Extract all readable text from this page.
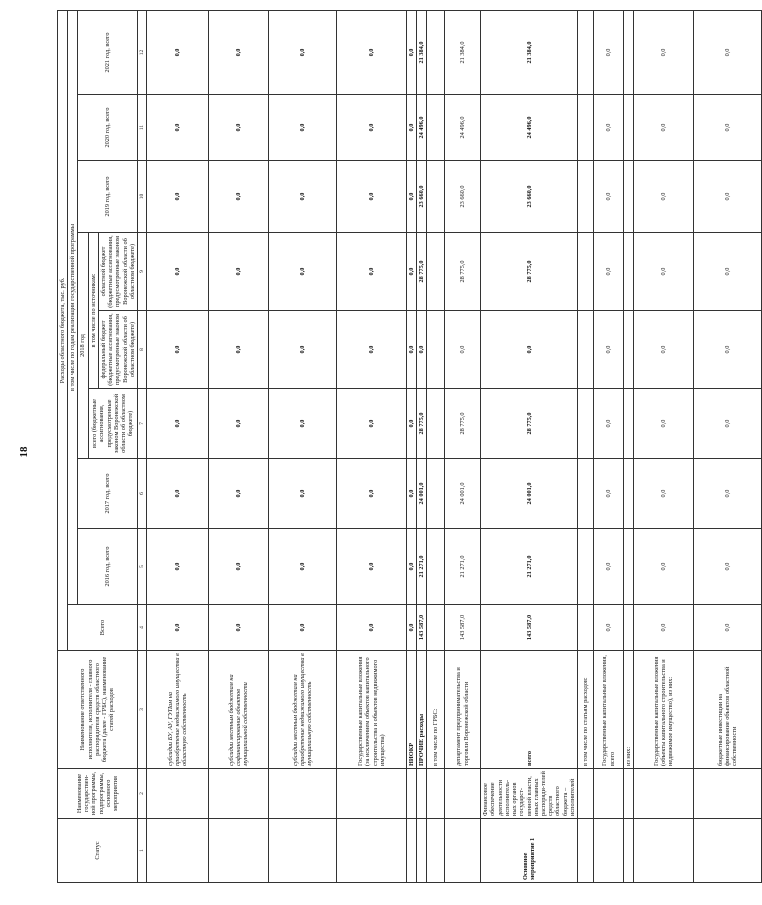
18
Статус	Наименование государствен-ной программы, подпрограммы, основного мероприятия	Наименование ответственного исполнителя, исполнителя - главного распорядителя средств областного бюджета (далее - ГРБС), наименование статей расходов	Расходы областного бюджета, тыс. руб.								
			Всего	в том числе по годам реализации государственной программы							
				2016 год, всего	2017 год, всего	2018 год			2019 год, всего	2020 год, всего	2021 год, всего
						всего (бюджетные ассигнования, предусмотренные законом Воронежской области об областном бюджете)	в том числе по источникам:				
							федеральный бюджет (бюджетные ассигнования, предусмотренные законом Воронежской области об областном бюджете)	областной бюджет (бюджетные ассигнования, предусмотренные законом Воронежской области об областном бюджете)			
1	2	3	4	5	6	7	8	9	10	11	12
		субсидии БУ, АУ, ГУПам на приобретение недвижимого имущества в областную собственность	0,0	0,0	0,0	0,0	0,0	0,0	0,0	0,0	0,0
		субсидии местным бюджетам на софинансирование объектов муниципальной собственности	0,0	0,0	0,0	0,0	0,0	0,0	0,0	0,0	0,0
		субсидии местным бюджетам на приобретение недвижимого имущества в муниципальную собственность	0,0	0,0	0,0	0,0	0,0	0,0	0,0	0,0	0,0
		Государственные капитальные вложения (за исключением объектов капитального строительства и объектов недвижимого имущества)	0,0	0,0	0,0	0,0	0,0	0,0	0,0	0,0	0,0
		НИОКР	0,0	0,0	0,0	0,0	0,0	0,0	0,0	0,0	0,0
		ПРОЧИЕ расходы	143 587,0	21 271,0	24 001,0	28 775,0	0,0	28 775,0	23 660,0	24 496,0	21 384,0
		в том числе по ГРБС:									
		департамент предпринимательства и торговли Воронежской области	143 587,0	21 271,0	24 001,0	28 775,0	0,0	28 775,0	23 660,0	24 496,0	21 384,0
Основное мероприятие 1	Финансовое обеспечение деятельности исполнитель-ных органов государст-венной власти, иных главных распоряди-телей средств областного бюджета – исполнителей	всего	143 587,0	21 271,0	24 001,0	28 775,0	0,0	28 775,0	23 660,0	24 496,0	21 384,0
		в том числе по статьям расходов:									
		Государственные капитальные вложения, всего	0,0	0,0	0,0	0,0	0,0	0,0	0,0	0,0	0,0
		из них:									
		Государственные капитальные вложения (объекты капитального строительства и недвижимое имущество), из них:	0,0	0,0	0,0	0,0	0,0	0,0	0,0	0,0	0,0
		бюджетные инвестиции на финансирование объектов областной собственности	0,0	0,0	0,0	0,0	0,0	0,0	0,0	0,0	0,0
